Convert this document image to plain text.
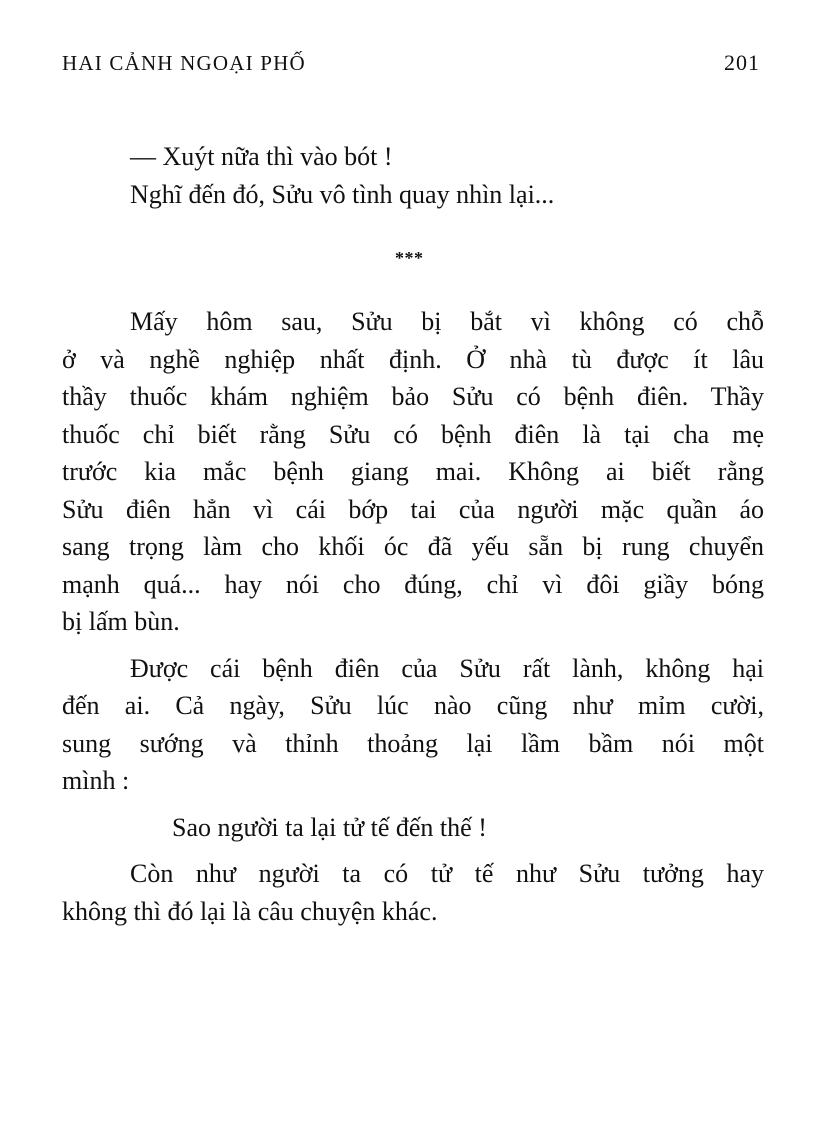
HAI CẢNH NGOẠI PHỐ	201
— Xuýt nữa thì vào bót !
Nghĩ đến đó, Sửu vô tình quay nhìn lại...
* * *
Mấy hôm sau, Sửu bị bắt vì không có chỗ
ở và nghề nghiệp nhất định. Ở nhà tù được ít lâu
thầy thuốc khám nghiệm bảo Sửu có bệnh điên. Thầy
thuốc chỉ biết rằng Sửu có bệnh điên là tại cha mẹ
trước kia mắc bệnh giang mai. Không ai biết rằng
Sửu điên hẳn vì cái bớp tai của người mặc quần áo
sang trọng làm cho khối óc đã yếu sẵn bị rung chuyển
mạnh quá... hay nói cho đúng, chỉ vì đôi giầy bóng
bị lấm bùn.
Được cái bệnh điên của Sửu rất lành, không hại
đến ai. Cả ngày, Sửu lúc nào cũng như mỉm cười,
sung sướng và thỉnh thoảng lại lầm bầm nói một
mình :
Sao người ta lại tử tế đến thế !
Còn như người ta có tử tế như Sửu tưởng hay
không thì đó lại là câu chuyện khác.
